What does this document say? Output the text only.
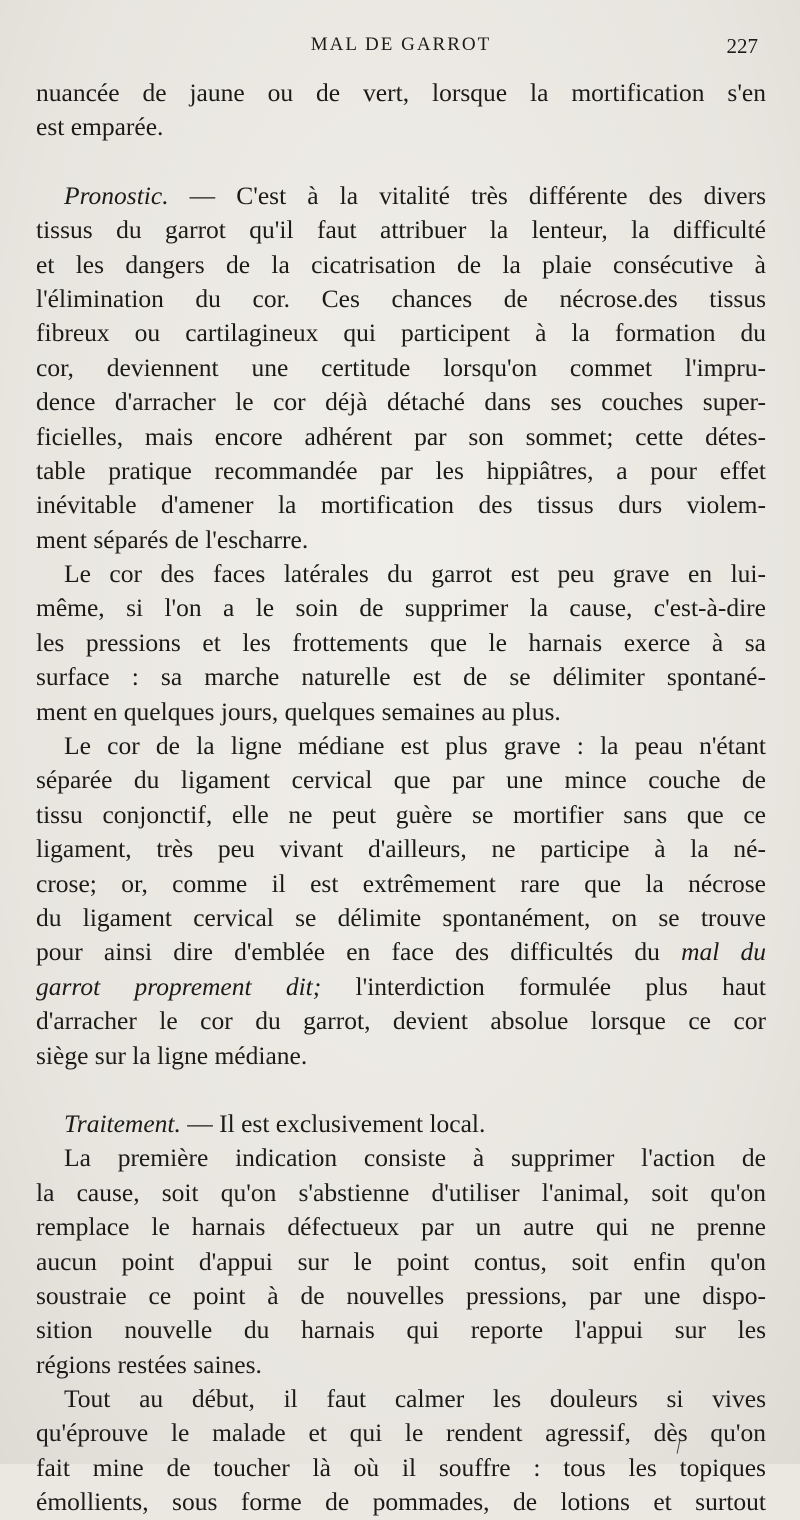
MAL DE GARROT	227
nuancée de jaune ou de vert, lorsque la mortification s'en
est emparée.
Pronostic. — C'est à la vitalité très différente des divers
tissus du garrot qu'il faut attribuer la lenteur, la difficulté
et les dangers de la cicatrisation de la plaie consécutive à
l'élimination du cor. Ces chances de nécrose.des tissus
fibreux ou cartilagineux qui participent à la formation du
cor, deviennent une certitude lorsqu'on commet l'impru-
dence d'arracher le cor déjà détaché dans ses couches super-
ficielles, mais encore adhérent par son sommet; cette détes-
table pratique recommandée par les hippiâtres, a pour effet
inévitable d'amener la mortification des tissus durs violem-
ment séparés de l'escharre.
Le cor des faces latérales du garrot est peu grave en lui-
même, si l'on a le soin de supprimer la cause, c'est-à-dire
les pressions et les frottements que le harnais exerce à sa
surface : sa marche naturelle est de se délimiter spontané-
ment en quelques jours, quelques semaines au plus.
Le cor de la ligne médiane est plus grave : la peau n'étant
séparée du ligament cervical que par une mince couche de
tissu conjonctif, elle ne peut guère se mortifier sans que ce
ligament, très peu vivant d'ailleurs, ne participe à la né-
crose; or, comme il est extrêmement rare que la nécrose
du ligament cervical se délimite spontanément, on se trouve
pour ainsi dire d'emblée en face des difficultés du mal du
garrot proprement dit; l'interdiction formulée plus haut
d'arracher le cor du garrot, devient absolue lorsque ce cor
siège sur la ligne médiane.
Traitement. — Il est exclusivement local.
La première indication consiste à supprimer l'action de
la cause, soit qu'on s'abstienne d'utiliser l'animal, soit qu'on
remplace le harnais défectueux par un autre qui ne prenne
aucun point d'appui sur le point contus, soit enfin qu'on
soustraie ce point à de nouvelles pressions, par une dispo-
sition nouvelle du harnais qui reporte l'appui sur les
régions restées saines.
Tout au début, il faut calmer les douleurs si vives
qu'éprouve le malade et qui le rendent agressif, dès qu'on
fait mine de toucher là où il souffre : tous les topiques
émollients, sous forme de pommades, de lotions et surtout
